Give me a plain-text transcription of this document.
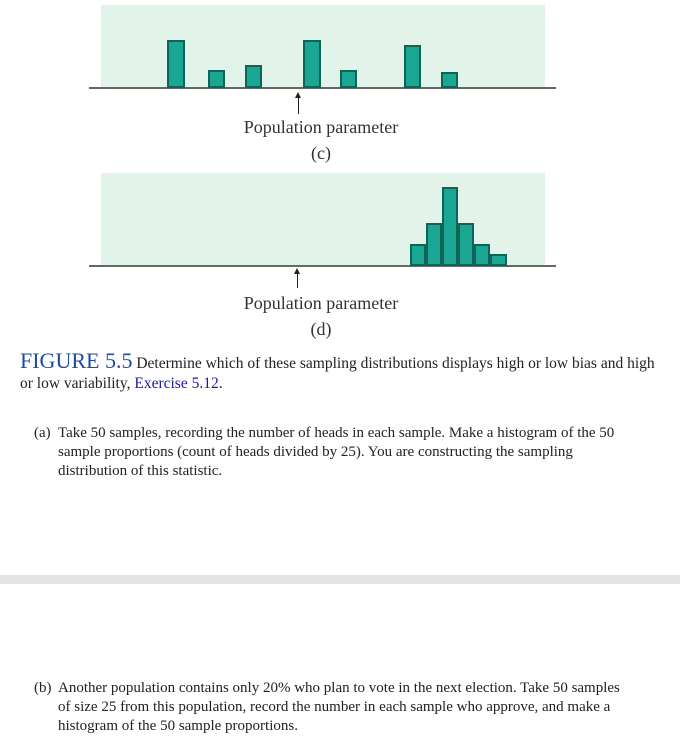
Population parameter
(c)
Population parameter
(d)
FIGURE 5.5 Determine which of these sampling distributions displays high or low bias and high or low variability, Exercise 5.12.
(a) Take 50 samples, recording the number of heads in each sample. Make a histogram of the 50 sample proportions (count of heads divided by 25). You are constructing the sampling distribution of this statistic.
(b) Another population contains only 20% who plan to vote in the next election. Take 50 samples of size 25 from this population, record the number in each sample who approve, and make a histogram of the 50 sample proportions.
